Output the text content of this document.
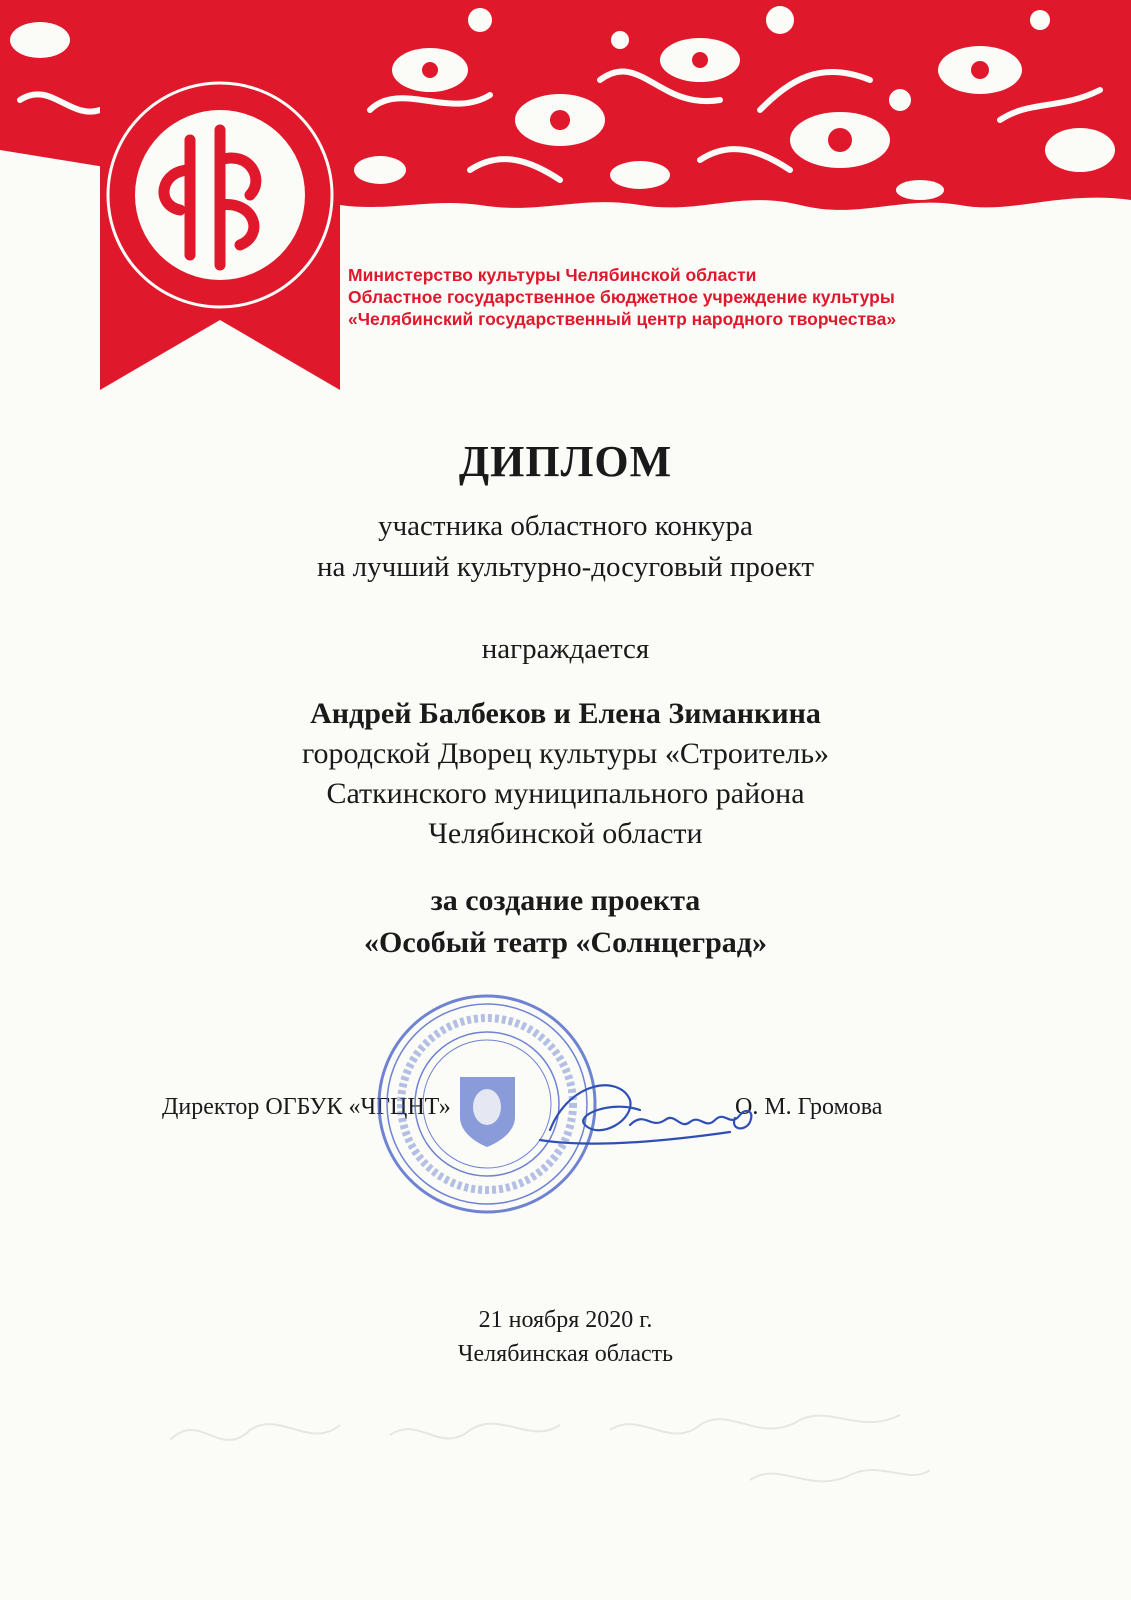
Министерство культуры Челябинской области
Областное государственное бюджетное учреждение культуры
«Челябинский государственный центр народного творчества»
ДИПЛОМ
участника областного конкура
на лучший культурно-досуговый проект
награждается
Андрей Балбеков и Елена Зиманкина
городской Дворец культуры «Строитель»
Саткинского муниципального района
Челябинской области
за создание проекта
«Особый театр «Солнцеград»
Директор ОГБУК «ЧГЦНТ»	О. М. Громова
21 ноября 2020 г.
Челябинская область
